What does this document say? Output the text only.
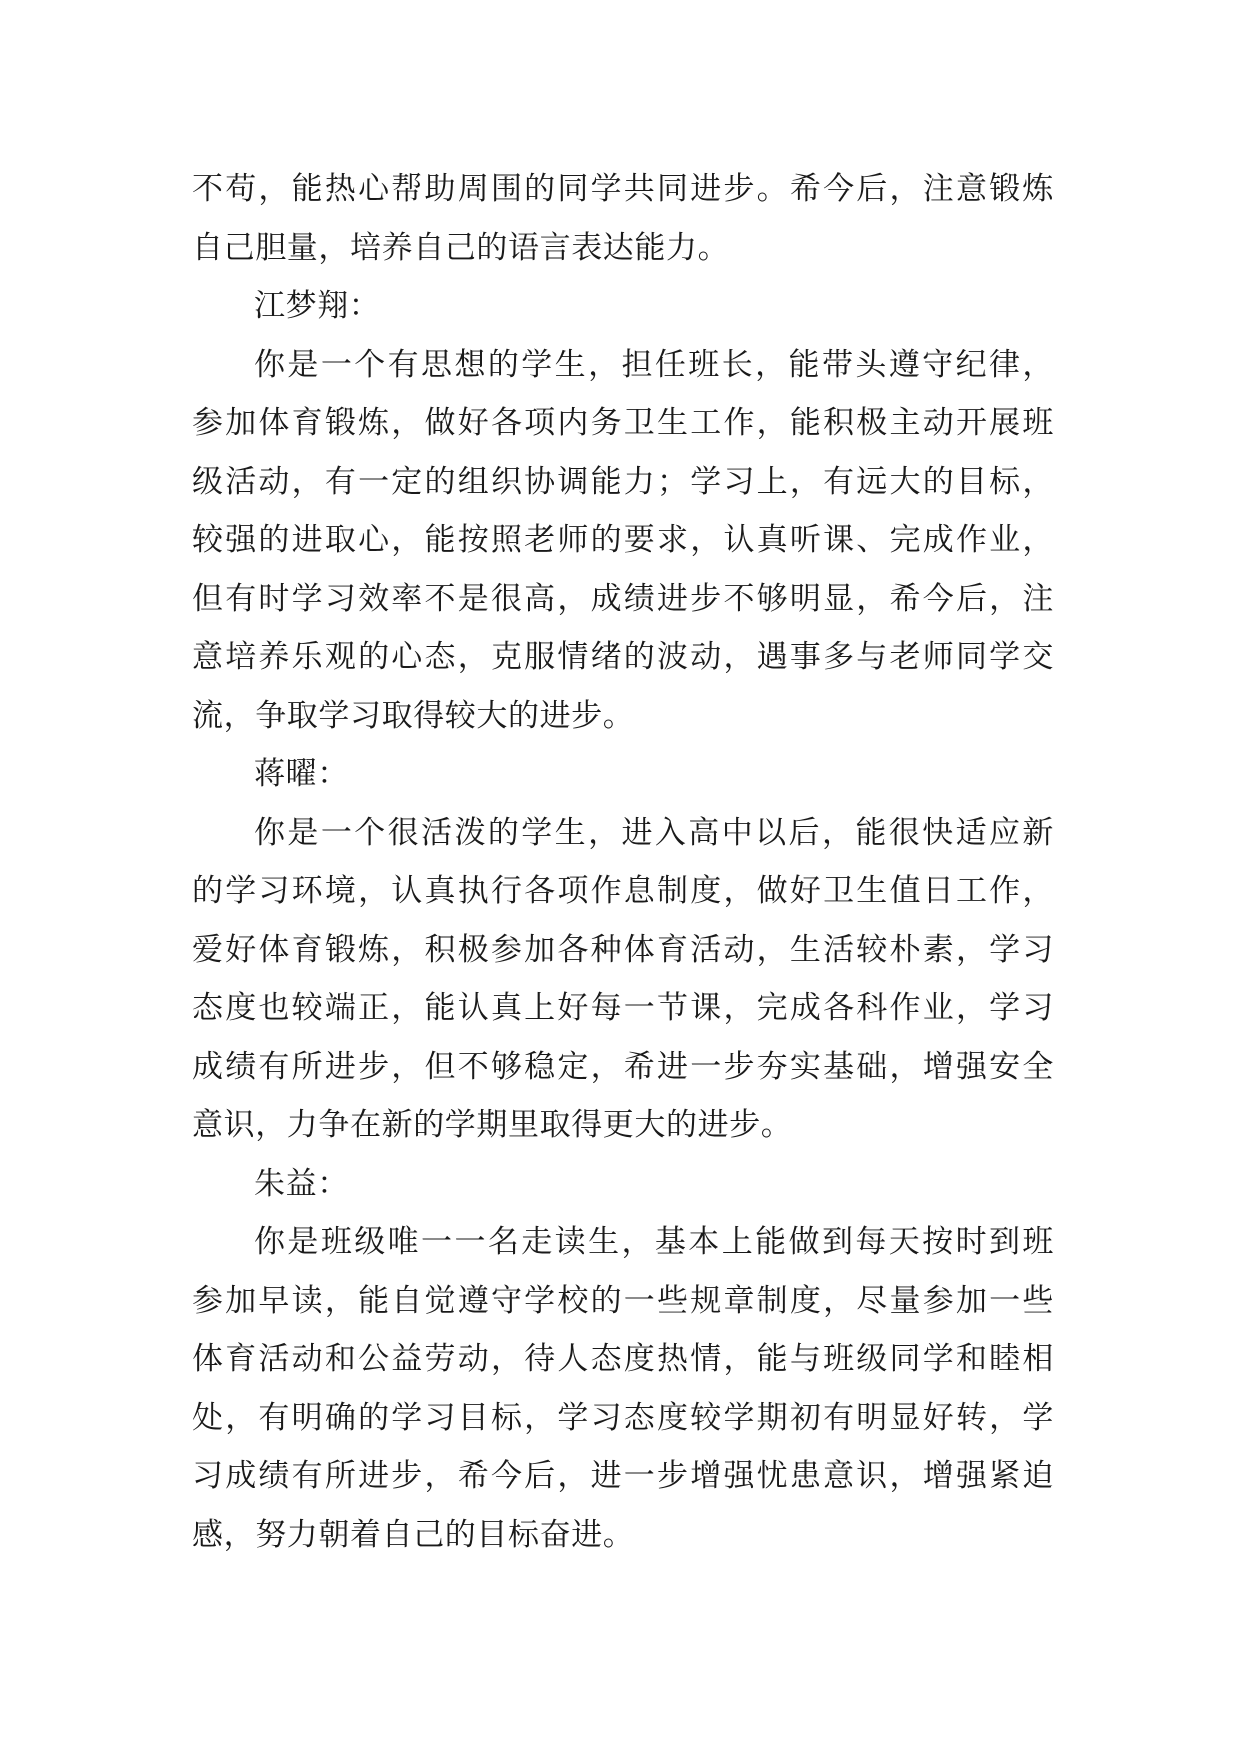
不苟，能热心帮助周围的同学共同进步。希今后，注意锻炼
自己胆量，培养自己的语言表达能力。
江梦翔：
你是一个有思想的学生，担任班长，能带头遵守纪律，
参加体育锻炼，做好各项内务卫生工作，能积极主动开展班
级活动，有一定的组织协调能力；学习上，有远大的目标，
较强的进取心，能按照老师的要求，认真听课、完成作业，
但有时学习效率不是很高，成绩进步不够明显，希今后，注
意培养乐观的心态，克服情绪的波动，遇事多与老师同学交
流，争取学习取得较大的进步。
蒋曜：
你是一个很活泼的学生，进入高中以后，能很快适应新
的学习环境，认真执行各项作息制度，做好卫生值日工作，
爱好体育锻炼，积极参加各种体育活动，生活较朴素，学习
态度也较端正，能认真上好每一节课，完成各科作业，学习
成绩有所进步，但不够稳定，希进一步夯实基础，增强安全
意识，力争在新的学期里取得更大的进步。
朱益：
你是班级唯一一名走读生，基本上能做到每天按时到班
参加早读，能自觉遵守学校的一些规章制度，尽量参加一些
体育活动和公益劳动，待人态度热情，能与班级同学和睦相
处，有明确的学习目标，学习态度较学期初有明显好转，学
习成绩有所进步，希今后，进一步增强忧患意识，增强紧迫
感，努力朝着自己的目标奋进。
